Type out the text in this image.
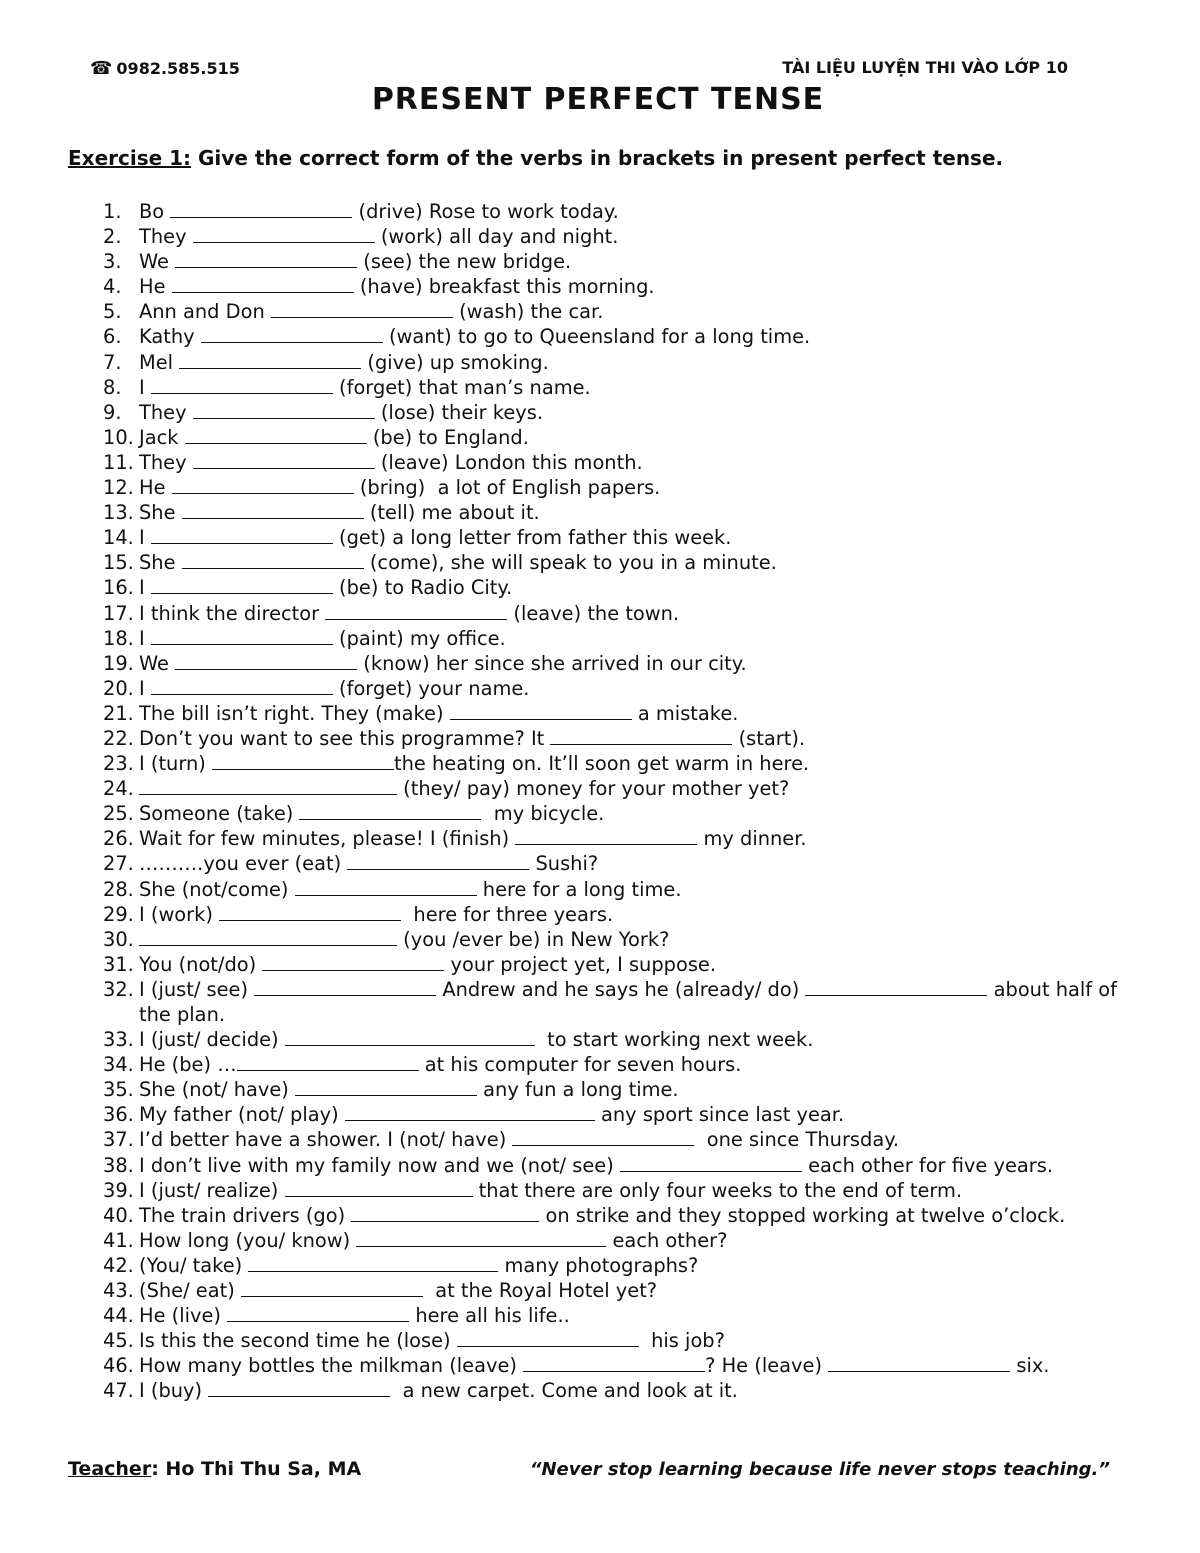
☎ 0982.585.515	TÀI LIỆU LUYỆN THI VÀO LỚP 10
PRESENT PERFECT TENSE
Exercise 1: Give the correct form of the verbs in brackets in present perfect tense.
1. Bo	(drive) Rose to work today.
2. They	(work) all day and night.
3. We	(see) the new bridge.
4. He	(have) breakfast this morning.
5. Ann and Don	(wash) the car.
6. Kathy	(want) to go to Queensland for a long time.
7. Mel	(give) up smoking.
8. I	(forget) that man’s name.
9. They	(lose) their keys.
10. Jack	(be) to England.
11. They	(leave) London this month.
12. He	(bring)  a lot of English papers.
13. She	(tell) me about it.
14. I	(get) a long letter from father this week.
15. She	(come), she will speak to you in a minute.
16. I	(be) to Radio City.
17. I think the director	(leave) the town.
18. I	(paint) my office.
19. We	(know) her since she arrived in our city.
20. I	(forget) your name.
21. The bill isn’t right. They (make)	a mistake.
22. Don’t you want to see this programme? It	(start).
23. I (turn)	the heating on. It’ll soon get warm in here.
24.	(they/ pay) money for your mother yet?
25. Someone (take)	my bicycle.
26. Wait for few minutes, please! I (finish)	my dinner.
27. ……….you ever (eat)	Sushi?
28. She (not/come)	here for a long time.
29. I (work)	here for three years.
30.	(you /ever be) in New York?
31. You (not/do)	your project yet, I suppose.
32. I (just/ see)	Andrew and he says he (already/ do)	about half of the plan.
33. I (just/ decide)	to start working next week.
34. He (be) …	at his computer for seven hours.
35. She (not/ have)	any fun a long time.
36. My father (not/ play)	any sport since last year.
37. I’d better have a shower. I (not/ have)	one since Thursday.
38. I don’t live with my family now and we (not/ see)	each other for five years.
39. I (just/ realize)	that there are only four weeks to the end of term.
40. The train drivers (go)	on strike and they stopped working at twelve o’clock.
41. How long (you/ know)	each other?
42. (You/ take)	many photographs?
43. (She/ eat)	at the Royal Hotel yet?
44. He (live)	here all his life..
45. Is this the second time he (lose)	his job?
46. How many bottles the milkman (leave)	? He (leave)	six.
47. I (buy)	a new carpet. Come and look at it.
Teacher: Ho Thi Thu Sa, MA	“Never stop learning because life never stops teaching.”
